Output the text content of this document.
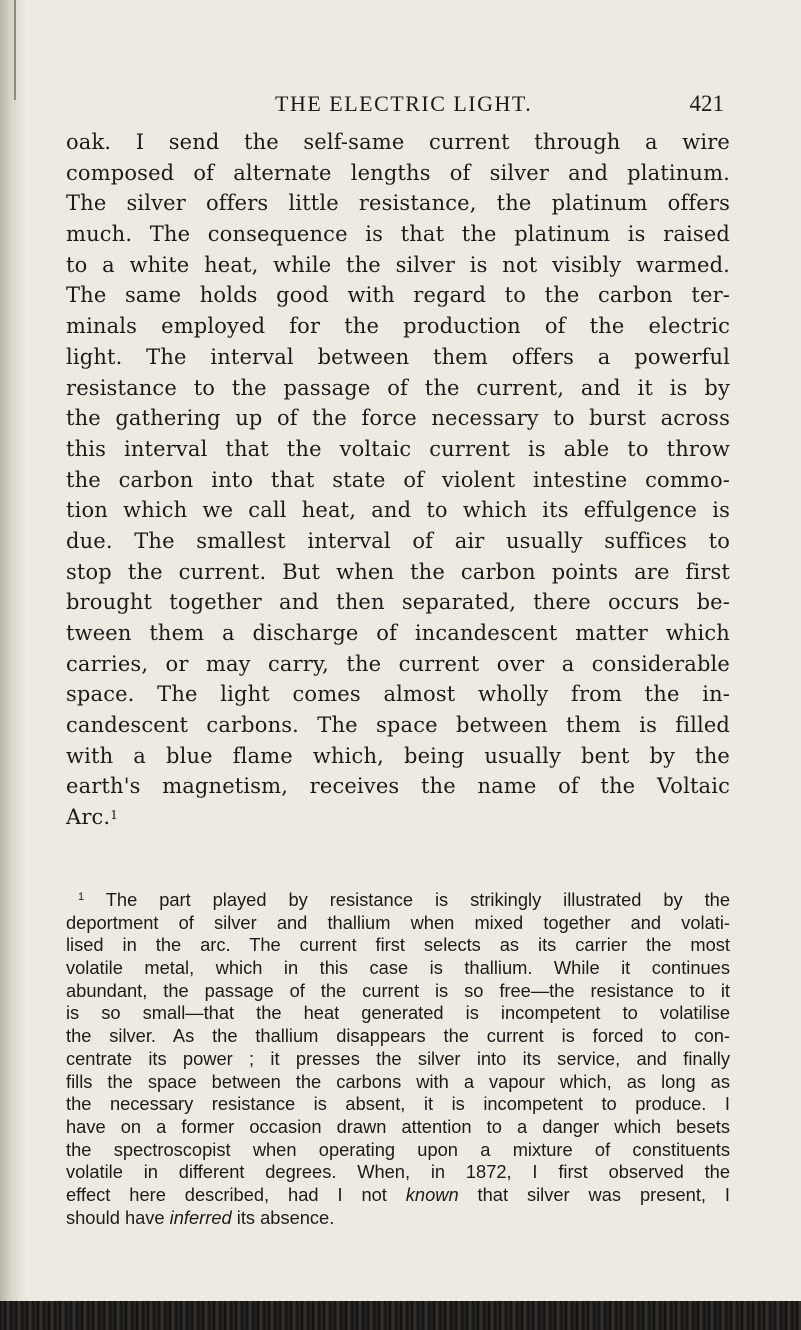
THE ELECTRIC LIGHT.	421
oak. I send the self-same current through a wire
composed of alternate lengths of silver and platinum.
The silver offers little resistance, the platinum offers
much. The consequence is that the platinum is raised
to a white heat, while the silver is not visibly warmed.
The same holds good with regard to the carbon ter-
minals employed for the production of the electric
light. The interval between them offers a powerful
resistance to the passage of the current, and it is by
the gathering up of the force necessary to burst across
this interval that the voltaic current is able to throw
the carbon into that state of violent intestine commo-
tion which we call heat, and to which its effulgence is
due. The smallest interval of air usually suffices to
stop the current. But when the carbon points are first
brought together and then separated, there occurs be-
tween them a discharge of incandescent matter which
carries, or may carry, the current over a considerable
space. The light comes almost wholly from the in-
candescent carbons. The space between them is filled
with a blue flame which, being usually bent by the
earth's magnetism, receives the name of the Voltaic
Arc.$^1$
$^1$ The part played by resistance is strikingly illustrated by the
deportment of silver and thallium when mixed together and volati-
lised in the arc. The current first selects as its carrier the most
volatile metal, which in this case is thallium. While it continues
abundant, the passage of the current is so free—the resistance to it
is so small—that the heat generated is incompetent to volatilise
the silver. As the thallium disappears the current is forced to con-
centrate its power ; it presses the silver into its service, and finally
fills the space between the carbons with a vapour which, as long as
the necessary resistance is absent, it is incompetent to produce. I
have on a former occasion drawn attention to a danger which besets
the spectroscopist when operating upon a mixture of constituents
volatile in different degrees. When, in 1872, I first observed the
effect here described, had I not known that silver was present, I
should have inferred its absence.
